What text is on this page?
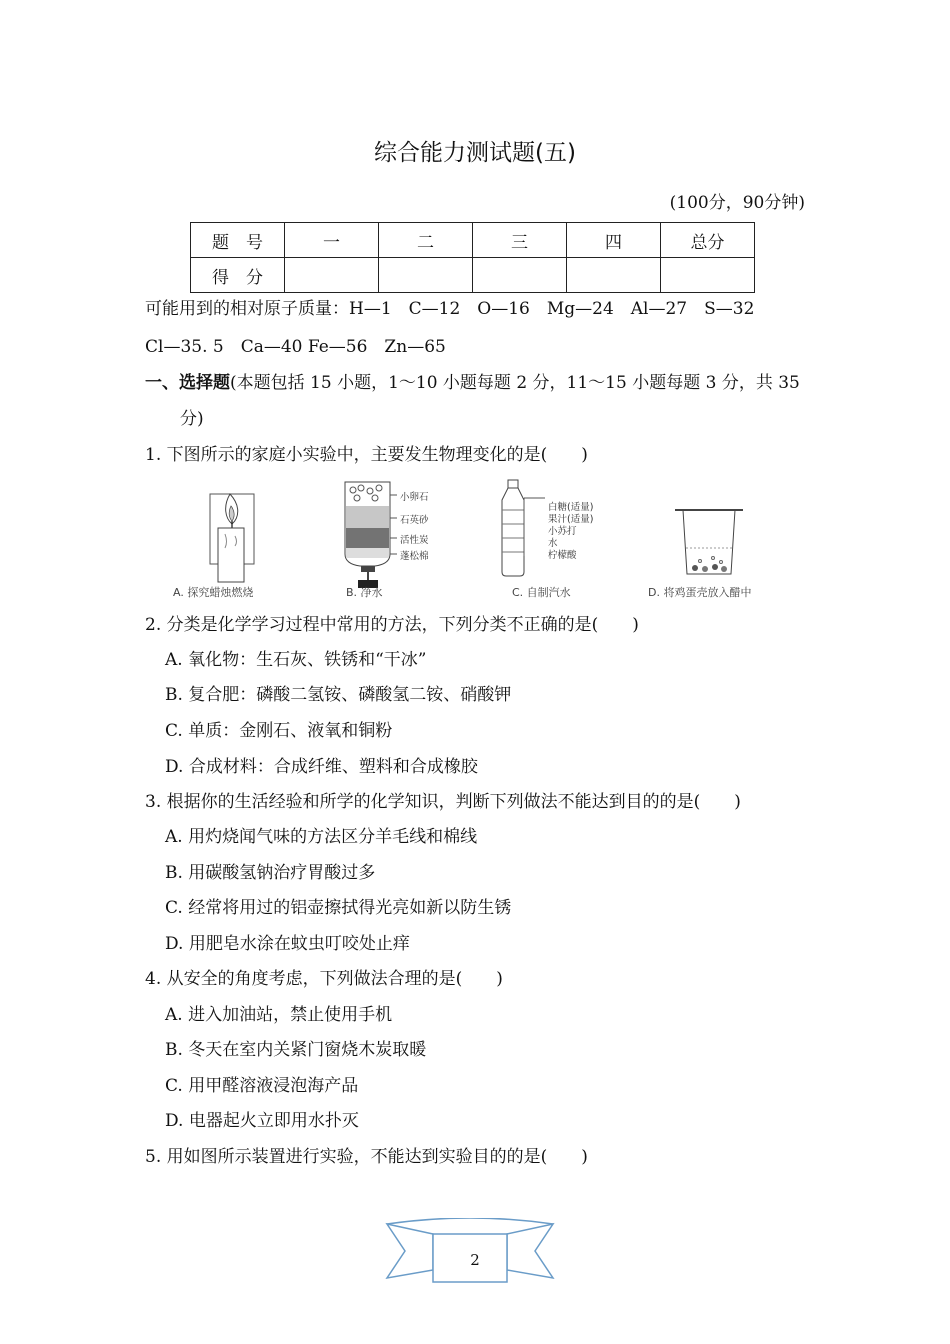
综合能力测试题(五)
(100分，90分钟)
题　号	一	二	三	四	总分
得　分					
可能用到的相对原子质量：H—1　C—12　O—16　Mg—24　Al—27　S—32
Cl—35. 5　Ca—40 Fe—56　Zn—65
一、选择题(本题包括 15 小题，1～10 小题每题 2 分，11～15 小题每题 3 分，共 35
分)
1. 下图所示的家庭小实验中，主要发生物理变化的是(　　)
小卵石
石英砂
活性炭
蓬松棉
白糖(适量)
果汁(适量)
小苏打
水
柠檬酸
A. 探究蜡烛燃烧	B. 净水	C. 自制汽水	D. 将鸡蛋壳放入醋中
2. 分类是化学学习过程中常用的方法，下列分类不正确的是(　　)
A. 氧化物：生石灰、铁锈和“干冰”
B. 复合肥：磷酸二氢铵、磷酸氢二铵、硝酸钾
C. 单质：金刚石、液氧和铜粉
D. 合成材料：合成纤维、塑料和合成橡胶
3. 根据你的生活经验和所学的化学知识，判断下列做法不能达到目的的是(　　)
A. 用灼烧闻气味的方法区分羊毛线和棉线
B. 用碳酸氢钠治疗胃酸过多
C. 经常将用过的铝壶擦拭得光亮如新以防生锈
D. 用肥皂水涂在蚊虫叮咬处止痒
4. 从安全的角度考虑，下列做法合理的是(　　)
A. 进入加油站，禁止使用手机
B. 冬天在室内关紧门窗烧木炭取暖
C. 用甲醛溶液浸泡海产品
D. 电器起火立即用水扑灭
5. 用如图所示装置进行实验，不能达到实验目的的是(　　)
2
